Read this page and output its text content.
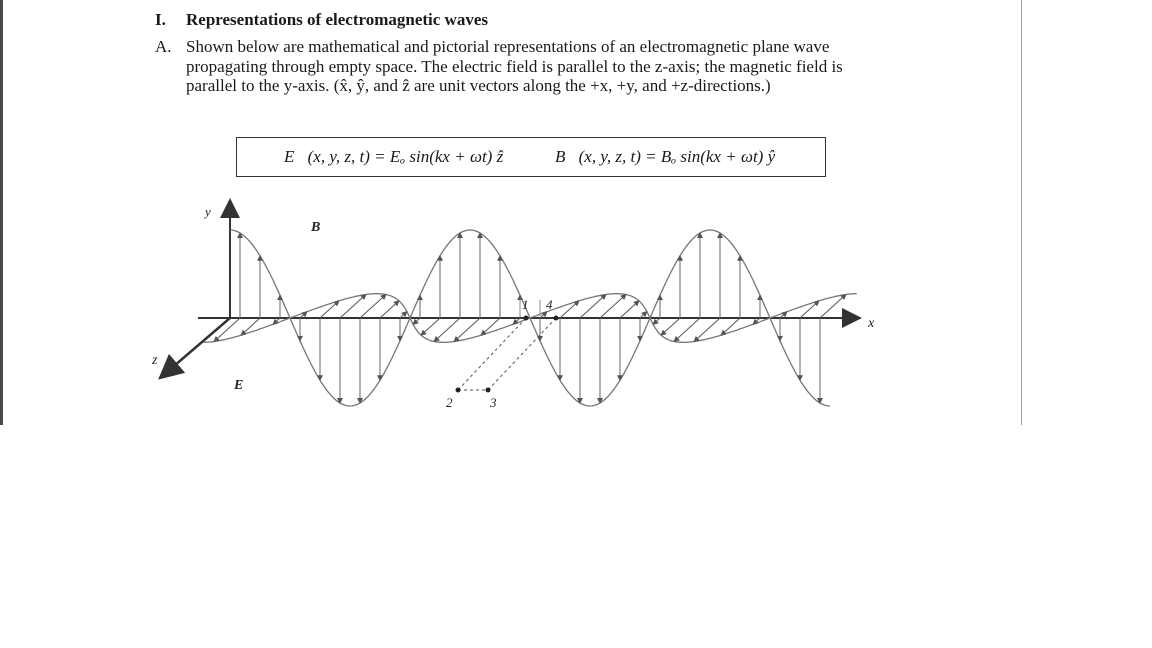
I. Representations of electromagnetic waves
A. Shown below are mathematical and pictorial representations of an electromagnetic plane wave propagating through empty space. The electric field is parallel to the z-axis; the magnetic field is parallel to the y-axis. (x̂, ŷ, and ẑ are unit vectors along the +x, +y, and +z-directions.)
E⃗(x, y, z, t) = Eₒ sin(kx + ωt) ẑ	B⃗(x, y, z, t) = Bₒ sin(kx + ωt) ŷ
y
x
z
B⃗
E⃗
1 4
2	3
